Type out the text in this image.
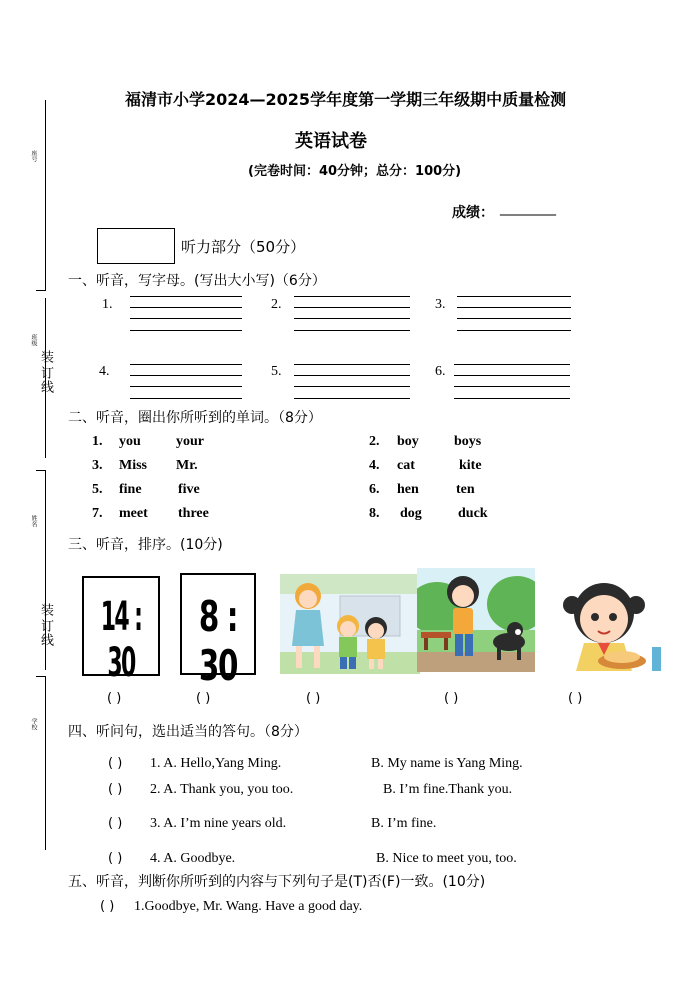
座号
班级
姓名
学校
装
订
线
装
订
线
福清市小学2024—2025学年度第一学期三年级期中质量检测
英语试卷
(完卷时间：40分钟；总分：100分)
成绩： ________
听力部分（50分）
一、听音，写字母。(写出大小写)（6分）
1.	2.	3.
4.	5.	6.
二、听音，圈出你所听到的单词。（8分）
1. you	your	2. boy	boys
3. Miss Mr.	4. cat	kite
5. fine	five	6. hen	ten
7. meet three	8. dog	duck
三、听音，排序。(10分)
14 : 30
8 : 30
( )	( )	( )	( )	( )
四、听问句，选出适当的答句。（8分）
( ) 1. A. Hello,Yang Ming.	B. My name is Yang Ming.
( ) 2. A. Thank you, you too.	B. I’m fine.Thank you.
( ) 3. A. I’m nine years old.	B. I’m fine.
( ) 4. A. Goodbye.	B. Nice to meet you, too.
五、听音，判断你所听到的内容与下列句子是(T)否(F)一致。(10分)
( ) 1.Goodbye, Mr. Wang. Have a good day.
